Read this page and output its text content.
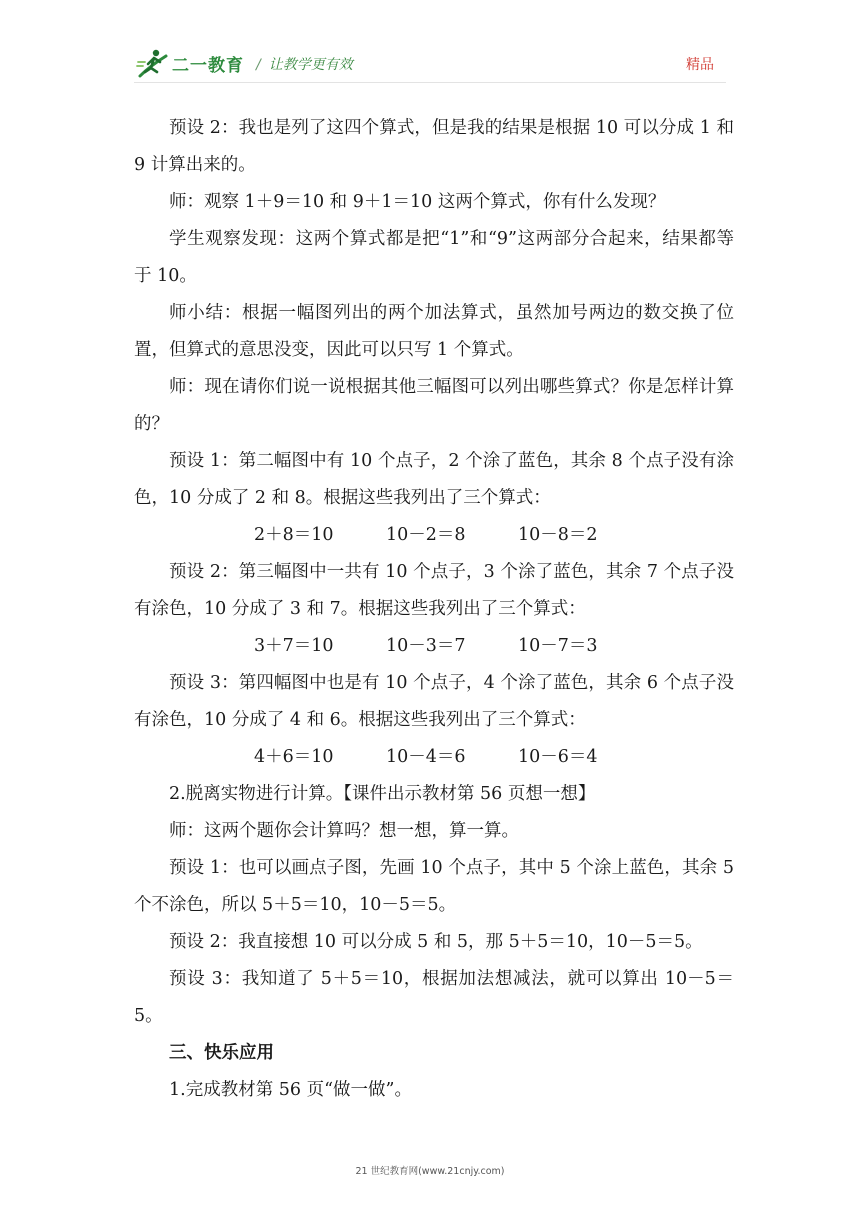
二一教育 / 让教学更有效	精品

预设 2：我也是列了这四个算式，但是我的结果是根据 10 可以分成 1 和 9 计算出来的。

师：观察 1＋9＝10 和 9＋1＝10 这两个算式，你有什么发现？

学生观察发现：这两个算式都是把“1”和“9”这两部分合起来，结果都等于 10。

师小结：根据一幅图列出的两个加法算式，虽然加号两边的数交换了位置，但算式的意思没变，因此可以只写 1 个算式。

师：现在请你们说一说根据其他三幅图可以列出哪些算式？你是怎样计算的？

预设 1：第二幅图中有 10 个点子，2 个涂了蓝色，其余 8 个点子没有涂色，10 分成了 2 和 8。根据这些我列出了三个算式：

2＋8＝10	10－2＝8	10－8＝2

预设 2：第三幅图中一共有 10 个点子，3 个涂了蓝色，其余 7 个点子没有涂色，10 分成了 3 和 7。根据这些我列出了三个算式：

3＋7＝10	10－3＝7	10－7＝3

预设 3：第四幅图中也是有 10 个点子，4 个涂了蓝色，其余 6 个点子没有涂色，10 分成了 4 和 6。根据这些我列出了三个算式：

4＋6＝10	10－4＝6	10－6＝4

2.脱离实物进行计算。【课件出示教材第 56 页想一想】

师：这两个题你会计算吗？想一想，算一算。

预设 1：也可以画点子图，先画 10 个点子，其中 5 个涂上蓝色，其余 5 个不涂色，所以 5＋5＝10，10－5＝5。

预设 2：我直接想 10 可以分成 5 和 5，那 5＋5＝10，10－5＝5。

预设 3：我知道了 5＋5＝10，根据加法想减法，就可以算出 10－5＝5。

三、快乐应用

1.完成教材第 56 页“做一做”。

21 世纪教育网(www.21cnjy.com)
